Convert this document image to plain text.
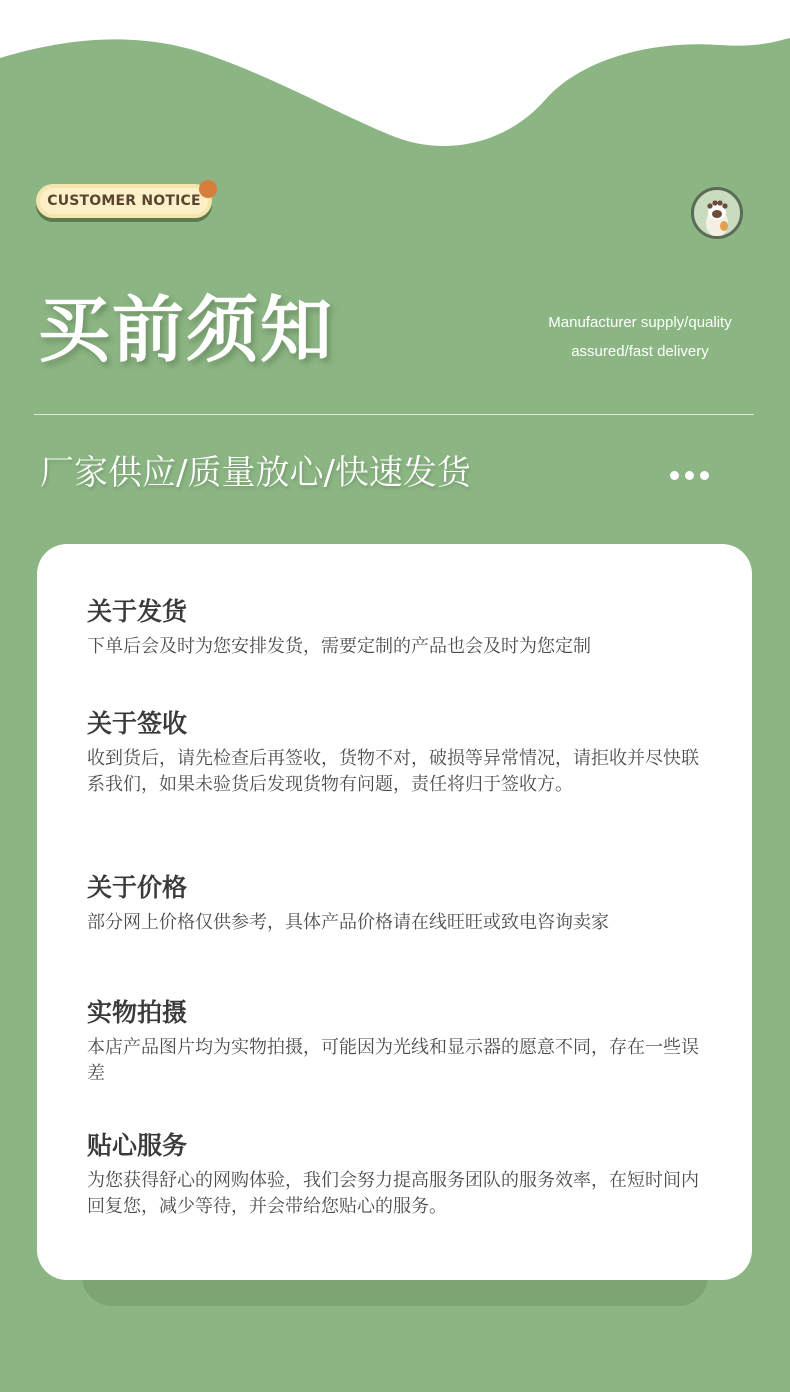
CUSTOMER NOTICE
买前须知	Manufacturer supply/quality
assured/fast delivery
厂家供应/质量放心/快速发货
关于发货

下单后会及时为您安排发货，需要定制的产品也会及时为您定制

关于签收

收到货后，请先检查后再签收，货物不对，破损等异常情况，请拒收并尽快联系我们，如果未验货后发现货物有问题，责任将归于签收方。

关于价格

部分网上价格仅供参考，具体产品价格请在线旺旺或致电咨询卖家

实物拍摄

本店产品图片均为实物拍摄，可能因为光线和显示器的愿意不同，存在一些误差

贴心服务

为您获得舒心的网购体验，我们会努力提高服务团队的服务效率，在短时间内回复您，减少等待，并会带给您贴心的服务。
